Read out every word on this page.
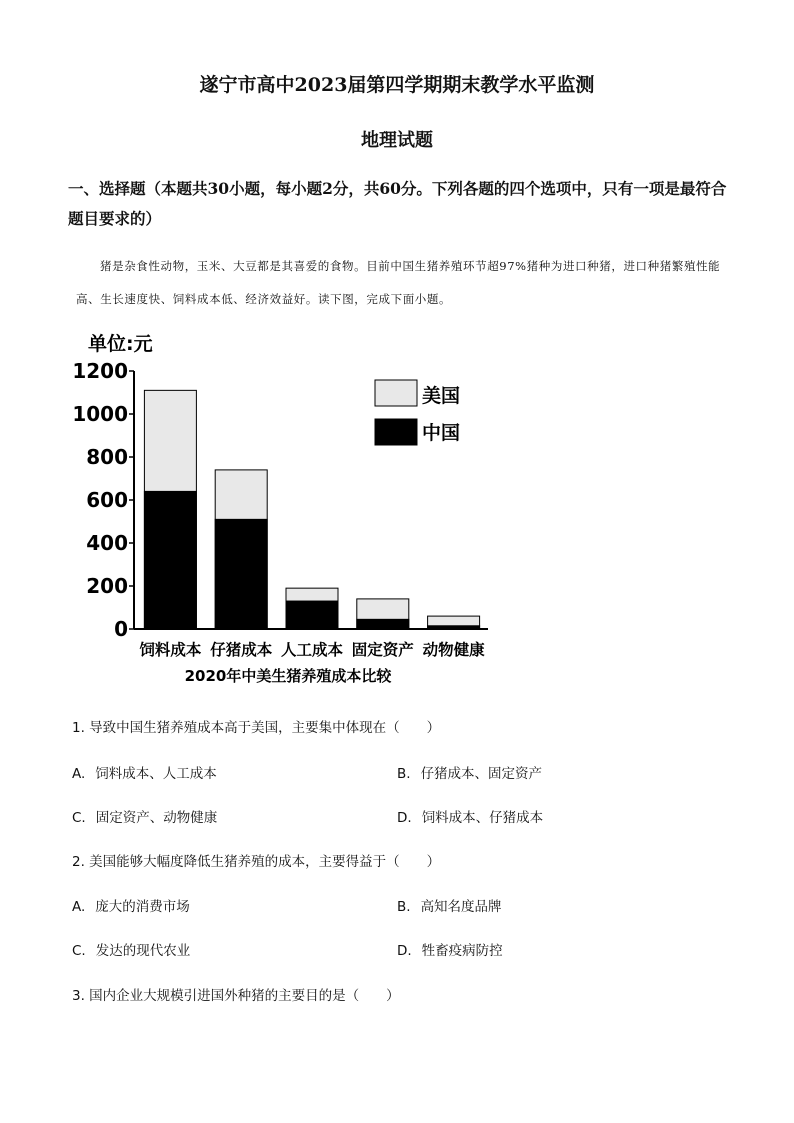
遂宁市高中2023届第四学期期末教学水平监测
地理试题
一、选择题（本题共30小题，每小题2分，共60分。下列各题的四个选项中，只有一项是最符合题目要求的）
猪是杂食性动物，玉米、大豆都是其喜爱的食物。目前中国生猪养殖环节超97%猪种为进口种猪，进口种猪繁殖性能高、生长速度快、饲料成本低、经济效益好。读下图，完成下面小题。
单位:元
0
200
400
600
800
1000
1200
饲料成本 仔猪成本 人工成本 固定资产 动物健康
美国
中国
2020年中美生猪养殖成本比较
1. 导致中国生猪养殖成本高于美国，主要集中体现在（　　）
A. 饲料成本、人工成本	B. 仔猪成本、固定资产
C. 固定资产、动物健康	D. 饲料成本、仔猪成本
2. 美国能够大幅度降低生猪养殖的成本，主要得益于（　　）
A. 庞大的消费市场	B. 高知名度品牌
C. 发达的现代农业	D. 牲畜疫病防控
3. 国内企业大规模引进国外种猪的主要目的是（　　）
